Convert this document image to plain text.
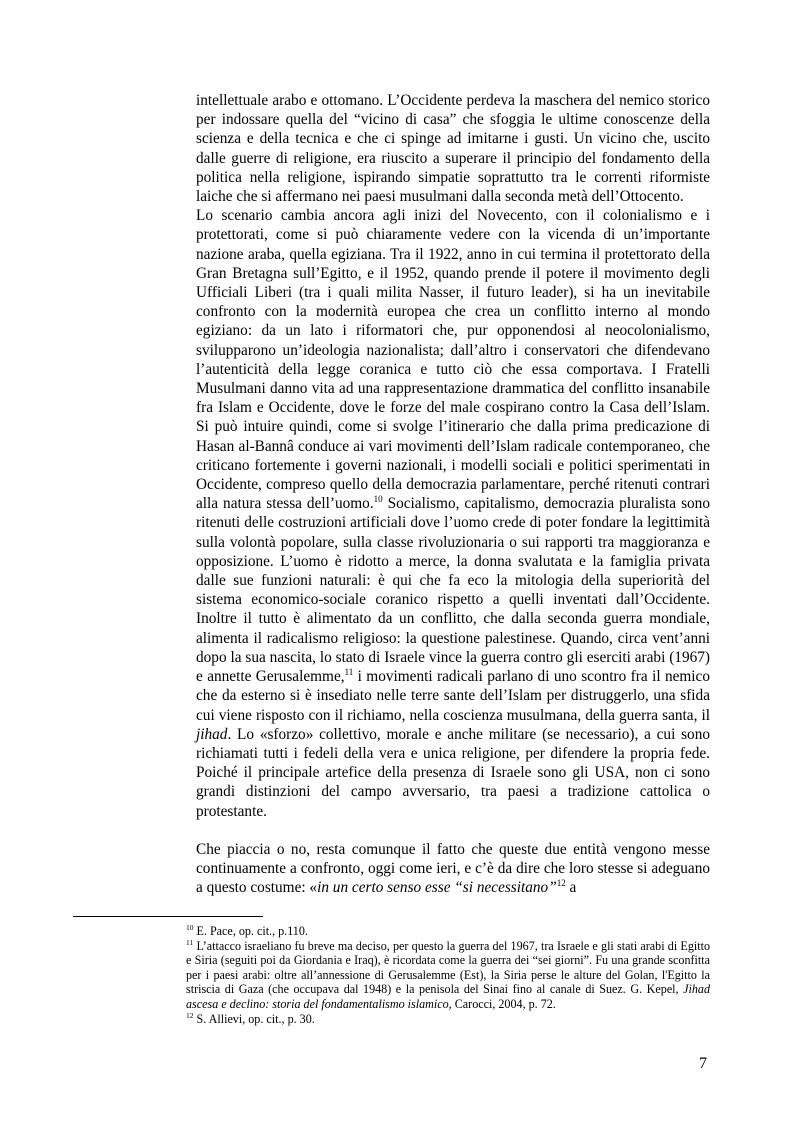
intellettuale arabo e ottomano. L’Occidente perdeva la maschera del nemico storico per indossare quella del “vicino di casa” che sfoggia le ultime conoscenze della scienza e della tecnica e che ci spinge ad imitarne i gusti. Un vicino che, uscito dalle guerre di religione, era riuscito a superare il principio del fondamento della politica nella religione, ispirando simpatie soprattutto tra le correnti riformiste laiche che si affermano nei paesi musulmani dalla seconda metà dell’Ottocento.

Lo scenario cambia ancora agli inizi del Novecento, con il colonialismo e i protettorati, come si può chiaramente vedere con la vicenda di un’importante nazione araba, quella egiziana. Tra il 1922, anno in cui termina il protettorato della Gran Bretagna sull’Egitto, e il 1952, quando prende il potere il movimento degli Ufficiali Liberi (tra i quali milita Nasser, il futuro leader), si ha un inevitabile confronto con la modernità europea che crea un conflitto interno al mondo egiziano: da un lato i riformatori che, pur opponendosi al neocolonialismo, svilupparono un’ideologia nazionalista; dall’altro i conservatori che difendevano l’autenticità della legge coranica e tutto ciò che essa comportava. I Fratelli Musulmani danno vita ad una rappresentazione drammatica del conflitto insanabile fra Islam e Occidente, dove le forze del male cospirano contro la Casa dell’Islam. Si può intuire quindi, come si svolge l’itinerario che dalla prima predicazione di Hasan al-Bannâ conduce ai vari movimenti dell’Islam radicale contemporaneo, che criticano fortemente i governi nazionali, i modelli sociali e politici sperimentati in Occidente, compreso quello della democrazia parlamentare, perché ritenuti contrari alla natura stessa dell’uomo.$^{10}$ Socialismo, capitalismo, democrazia pluralista sono ritenuti delle costruzioni artificiali dove l’uomo crede di poter fondare la legittimità sulla volontà popolare, sulla classe rivoluzionaria o sui rapporti tra maggioranza e opposizione. L’uomo è ridotto a merce, la donna svalutata e la famiglia privata dalle sue funzioni naturali: è qui che fa eco la mitologia della superiorità del sistema economico-sociale coranico rispetto a quelli inventati dall’Occidente. Inoltre il tutto è alimentato da un conflitto, che dalla seconda guerra mondiale, alimenta il radicalismo religioso: la questione palestinese. Quando, circa vent’anni dopo la sua nascita, lo stato di Israele vince la guerra contro gli eserciti arabi (1967) e annette Gerusalemme,$^{11}$ i movimenti radicali parlano di uno scontro fra il nemico che da esterno si è insediato nelle terre sante dell’Islam per distruggerlo, una sfida cui viene risposto con il richiamo, nella coscienza musulmana, della guerra santa, il jihad. Lo «sforzo» collettivo, morale e anche militare (se necessario), a cui sono richiamati tutti i fedeli della vera e unica religione, per difendere la propria fede. Poiché il principale artefice della presenza di Israele sono gli USA, non ci sono grandi distinzioni del campo avversario, tra paesi a tradizione cattolica o protestante.

Che piaccia o no, resta comunque il fatto che queste due entità vengono messe continuamente a confronto, oggi come ieri, e c’è da dire che loro stesse si adeguano a questo costume: «in un certo senso esse “si necessitano”$^{12}$ a

$^{10}$ E. Pace, op. cit., p.110.

$^{11}$ L’attacco israeliano fu breve ma deciso, per questo la guerra del 1967, tra Israele e gli stati arabi di Egitto e Siria (seguiti poi da Giordania e Iraq), è ricordata come la guerra dei “sei giorni”. Fu una grande sconfitta per i paesi arabi: oltre all’annessione di Gerusalemme (Est), la Siria perse le alture del Golan, l'Egitto la striscia di Gaza (che occupava dal 1948) e la penisola del Sinai fino al canale di Suez. G. Kepel, Jihad ascesa e declino: storia del fondamentalismo islamico, Carocci, 2004, p. 72.

$^{12}$ S. Allievi, op. cit., p. 30.

7
